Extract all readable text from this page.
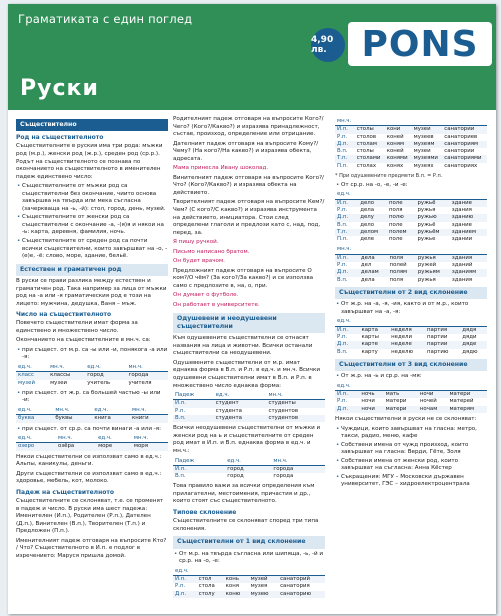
Граматиката с един поглед
4,90 лв. PONS
Руски
Съществително
Род на съществителното

Съществителните в руския има три рода: мъжки род (м.р.), женски род (ж.р.), среден род (ср.р.). Родът на съществителното се познава по окончанието на съществителното в именителен падеж единствено число:

• Съществителните от мъжки род са съществителни без окончание, чиито основа завършва на твърда или мека съгласна (зачеркваща на -ь, -й): стол, город, день, музей.
• Съществителните от женски род са съществителни с окончание -а, -(я)я и някои на -ь: карта, деревня, фамилия, ночь.
• Съществителните от среден род са почти всички съществителни, които завършват на -о, -(е)е, -ё: слово, море, здание, бельё.
Естествен и граматичен род

В руски се прави разлика между естествен и граматичен род. Така например за лица от мъжки род на -а или -я граматическия род е този на лицето: мужчина, дедушка, Ваня – мъж.

Число на съществителното

Повечето съществителни имат форма за единствено и множествено число.

Окончанието на съществителните в мн.ч. са:

• при същест. от м.р. са -ы или -и, понякога -а или -я:
ед.ч.	мн.ч.	ед.ч.	мн.ч.
класс	классы	город	города
музей	музеи	учитель	учителя
• при същест. от ж.р. са большей частью -ы или -и:
ед.ч.	мн.ч.	ед.ч.	мн.ч.
буква	буквы	книга	книги
• при същест. от ср.р. са почти винаги -а или -я:
ед.ч.	мн.ч.	ед.ч.	мн.ч.
озеро	озёра	море	моря

Някои съществителни се използват само в ед.ч.: Альпы, каникулы, деньги.

Други съществителни се използват само в ед.ч.: здоровье, мебель, кот, молоко.

Падеж на съществителното

Съществителните се склоняват, т.е. се променят в падеж и число. В руски има шест падежа: Именителен (И.п.), Родителен (Р.п.), Дателен (Д.п.), Винителен (В.п.), Творителен (Т.п.) и Предложен (П.п.).

Именителният падеж отговаря на въпросите Кто? / Что? Съществителното в И.п. е подлог в изречението: Маруся пришла домой.

Родителният падеж отговаря на въпросите Кого?/Чего? (Кого?/Какво?) и изразява принадлежност, състав, произход, определение или отрицание.

Дателният падеж отговаря на въпросите Кому?/Чему? (На кого?/На какво?) и изразява обекта, адресата.

Мама принесла Ивану шоколад.

Винителният падеж отговаря на въпросите Кого?/Что? (Кого?/Какво?) и изразява обекта на действието.

Творителният падеж отговаря на въпросите Кем?/Чем? (С кого?/С какво?) и изразява инструмента на действието, инициатора. Стои след определени глаголи и предлози като с, над, под, перед, за.

Я пишу ручкой.

Письмо написано братом.

Он будет врачом.

Предложният падеж отговаря на въпросите О ком?/О чём? (За кого?/За какво?) и се използва само с предлозите в, на, о, при.

Он думает о футболе.

Он работает в университете.

Одушевени и неодушевени съществителни

Към одушевените съществителни се отнасят названия на лица и животни. Всички останали съществителни са неодушевени.

Одушевените съществителни от м.р. имат еднаква форма в В.п. и Р.п. в ед.ч. и мн.ч. Всички одушевени съществителни имат в В.п. и Р.п. в множествено число еднаква форма:

Падеж	ед.ч.	мн.ч.
И.п.	студент	студенты
Р.п.	студента	студентов
В.п.	студента	студентов

Всички неодушевени съществителни от мъжки и женски род на ь и съществителните от среден род имат в И.п. и В.п. еднаква форма в ед.ч. и мн.ч.:

Падеж	ед.ч.	мн.ч.
И.п.	город	города
В.п.	город	города

Това правило важи за всички определения към прилагателни, местоимения, причастия и др., които стоят със съществителното.

Типове склонение

Съществителните се склоняват според три типа склонения.

Съществителни от 1 вид склонение
• От м.р. на твърда съгласна или шипяща, -ь, -й и ср.р. на -о, -е:
ед.ч.				
И.п.	стол	конь	музей	санаторий
Р.п.	стола	коня	музея	санатория
Д.п.	столу	коню	музею	санаторию
мн.ч.				
И.п.	столы	кони	музеи	санатории
Р.п.	столов	коней	музеев	санаториев
Д.п.	столам	коням	музеям	санаториям
В.п.	столы	коней	музеи	санатории
Т.п.	столами	конями	музеями	санаториями
П.п.	столах	конях	музеях	санаториях

* При одушевените предмети В.п. = Р.п.

• От ср.р. на -о, -е, -и -е:
ед.ч.				
И.п.	дело	поле	ружьё	здание
Р.п.	дела	поля	ружья	здания
Д.п.	делу	полю	ружью	зданию
В.п.	дело	поле	ружьё	здание
Т.п.	делом	полем	ружьём	зданием
П.п.	деле	поле	ружье	здании
мн.ч.				
И.п.	дела	поля	ружья	здания
Р.п.	дел	полей	ружей	зданий
Д.п.	делам	полям	ружьям	зданиям
В.п.	дела	поля	ружья	здания
Съществителни от 2 вид склонение
• От ж.р. на -а, -я, -ия, както и от м.р., които завършват на -а, -я:
ед.ч.				
И.п.	карта	неделя	партия	дядя
Р.п.	карты	недели	партии	дяди
Д.п.	карте	неделе	партии	дяде
В.п.	карту	неделю	партию	дядю
Съществителни от 3 вид склонение
• От ж.р. на -ь и ср.р. на -мя:
ед.ч.				
И.п.	ночь	мать	ночи	матери
Р.п.	ночи	матери	ночей	матерей
Д.п.	ночи	матери	ночам	матерям

Някои съществителни в руски не се склоняват:

• Чуждици, които завършват на гласна: метро, такси, радио, меню, кафе
• Собствени имена от чужд произход, които завършват на гласна: Верди, Гёте, Золя
• Собствени имена от женски род, които завършват на съгласна: Анна Кёстер
• Съкращения: МГУ – Московски държавен университет, ГЭС – хидроелектроцентрала
